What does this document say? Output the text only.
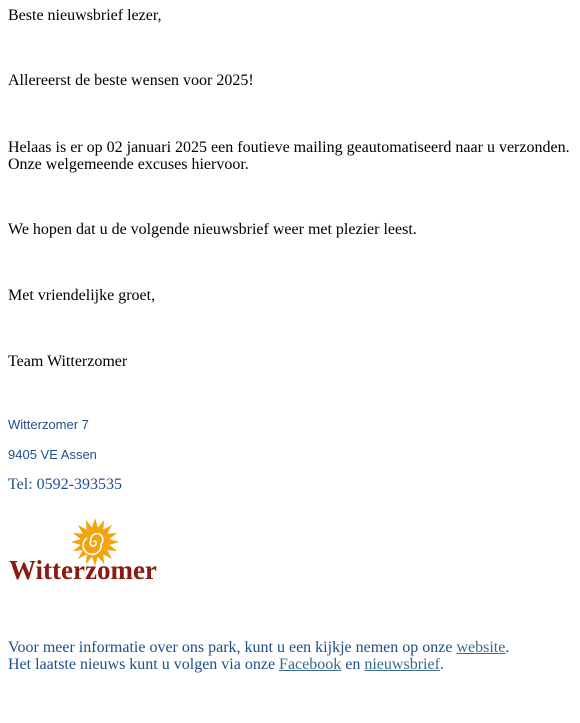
Beste nieuwsbrief lezer,
Allereerst de beste wensen voor 2025!
Helaas is er op 02 januari 2025 een foutieve mailing geautomatiseerd naar u verzonden.
Onze welgemeende excuses hiervoor.
We hopen dat u de volgende nieuwsbrief weer met plezier leest.
Met vriendelijke groet,
Team Witterzomer
Witterzomer 7
9405 VE Assen
Tel: 0592-393535
Witterzomer
Voor meer informatie over ons park, kunt u een kijkje nemen op onze website.
Het laatste nieuws kunt u volgen via onze Facebook en nieuwsbrief.
